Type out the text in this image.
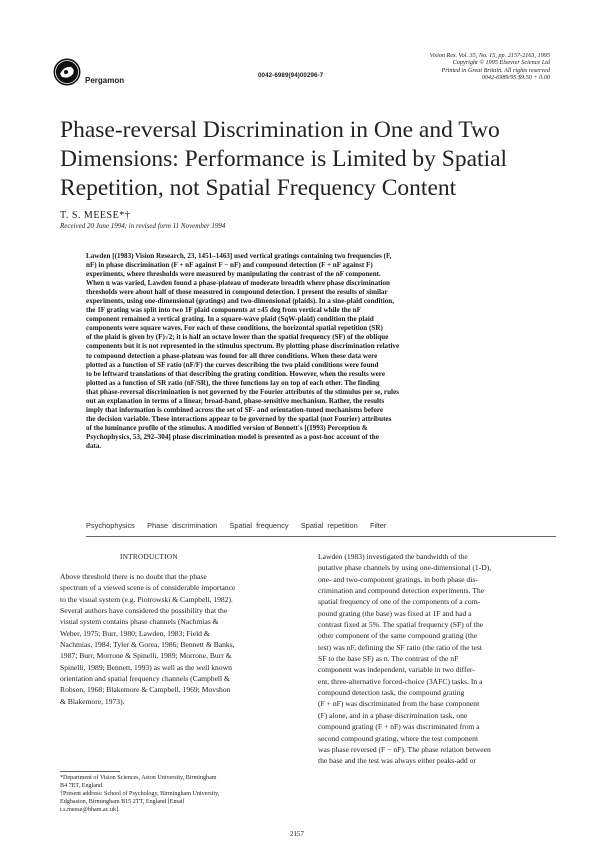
Pergamon
0042-6989(94)00296-7
Vision Res. Vol. 35, No. 15, pp. 2157-2163, 1995
Copyright © 1995 Elsevier Science Ltd
Printed in Great Britain. All rights reserved
0042-6989/95 $9.50 + 0.00
Phase-reversal Discrimination in One and Two
Dimensions: Performance is Limited by Spatial
Repetition, not Spatial Frequency Content
T. S. MEESE*†
Received 20 June 1994; in revised form 11 November 1994
Lawden [(1983) Vision Research, 23, 1451–1463] used vertical gratings containing two frequencies (F,
nF) in phase discrimination (F + nF against F − nF) and compound detection (F + nF against F)
experiments, where thresholds were measured by manipulating the contrast of the nF component.
When n was varied, Lawden found a phase-plateau of moderate breadth where phase discrimination
thresholds were about half of those measured in compound detection. I present the results of similar
experiments, using one-dimensional (gratings) and two-dimensional (plaids). In a sine-plaid condition,
the 1F grating was split into two 1F plaid components at ±45 deg from vertical while the nF
component remained a vertical grating. In a square-wave plaid (SqW-plaid) condition the plaid
components were square waves. For each of these conditions, the horizontal spatial repetition (SR)
of the plaid is given by (F)√2; it is half an octave lower than the spatial frequency (SF) of the oblique
components but it is not represented in the stimulus spectrum. By plotting phase discrimination relative
to compound detection a phase-plateau was found for all three conditions. When these data were
plotted as a function of SF ratio (nF/F) the curves describing the two plaid conditions were found
to be leftward translations of that describing the grating condition. However, when the results were
plotted as a function of SR ratio (nF/SR), the three functions lay on top of each other. The finding
that phase-reversal discrimination is not governed by the Fourier attributes of the stimulus per se, rules
out an explanation in terms of a linear, broad-band, phase-sensitive mechanism. Rather, the results
imply that information is combined across the set of SF- and orientation-tuned mechanisms before
the decision variable. These interactions appear to be governed by the spatial (not Fourier) attributes
of the luminance profile of the stimulus. A modified version of Bennett's [(1993) Perception &
Psychophysics, 53, 292–304] phase discrimination model is presented as a post-hoc account of the
data.
Psychophysics Phase discrimination Spatial frequency Spatial repetition Filter
INTRODUCTION
Above threshold there is no doubt that the phase
spectrum of a viewed scene is of considerable importance
to the visual system (e.g. Piotrowski & Campbell, 1982).
Several authors have considered the possibility that the
visual system contains phase channels (Nachmias &
Weber, 1975; Burr, 1980; Lawden, 1983; Field &
Nachmias, 1984; Tyler & Gorea, 1986; Bennett & Banks,
1987; Burr, Morrone & Spinelli, 1989; Morrone, Burr &
Spinelli, 1989; Bennett, 1993) as well as the well known
orientation and spatial frequency channels (Campbell &
Robson, 1968; Blakemore & Campbell, 1969; Movshon
& Blakemore, 1973).
Lawden (1983) investigated the bandwidth of the
putative phase channels by using one-dimensional (1-D),
one- and two-component gratings, in both phase dis-
crimination and compound detection experiments. The
spatial frequency of one of the components of a com-
pound grating (the base) was fixed at 1F and had a
contrast fixed at 5%. The spatial frequency (SF) of the
other component of the same compound grating (the
test) was nF, defining the SF ratio (the ratio of the test
SF to the base SF) as n. The contrast of the nF
component was independent, variable in two differ-
ent, three-alternative forced-choice (3AFC) tasks. In a
compound detection task, the compound grating
(F + nF) was discriminated from the base component
(F) alone, and in a phase discrimination task, one
compound grating (F + nF) was discriminated from a
second compound grating, where the test component
was phase reversed (F − nF). The phase relation between
the base and the test was always either peaks-add or
*Department of Vision Sciences, Aston University, Birmingham
B4 7ET, England.
†Present address: School of Psychology, Birmingham University,
Edgbaston, Birmingham B15 2TT, England [Email
t.s.meese@bham.ac.uk].
2157
